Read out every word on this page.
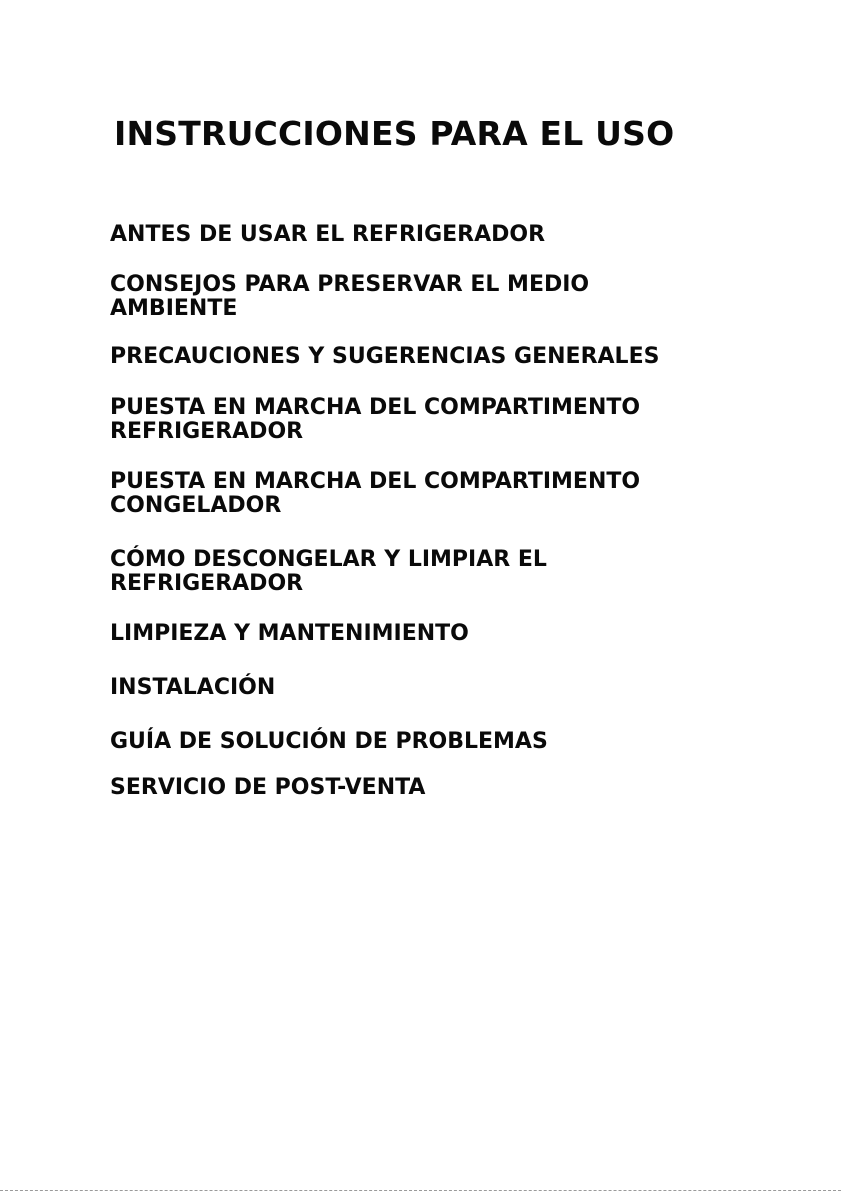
INSTRUCCIONES PARA EL USO
ANTES DE USAR EL REFRIGERADOR
CONSEJOS PARA PRESERVAR EL MEDIO
AMBIENTE
PRECAUCIONES Y SUGERENCIAS GENERALES
PUESTA EN MARCHA DEL COMPARTIMENTO
REFRIGERADOR
PUESTA EN MARCHA DEL COMPARTIMENTO
CONGELADOR
CÓMO DESCONGELAR Y LIMPIAR EL
REFRIGERADOR
LIMPIEZA Y MANTENIMIENTO
INSTALACIÓN
GUÍA DE SOLUCIÓN DE PROBLEMAS
SERVICIO DE POST-VENTA
